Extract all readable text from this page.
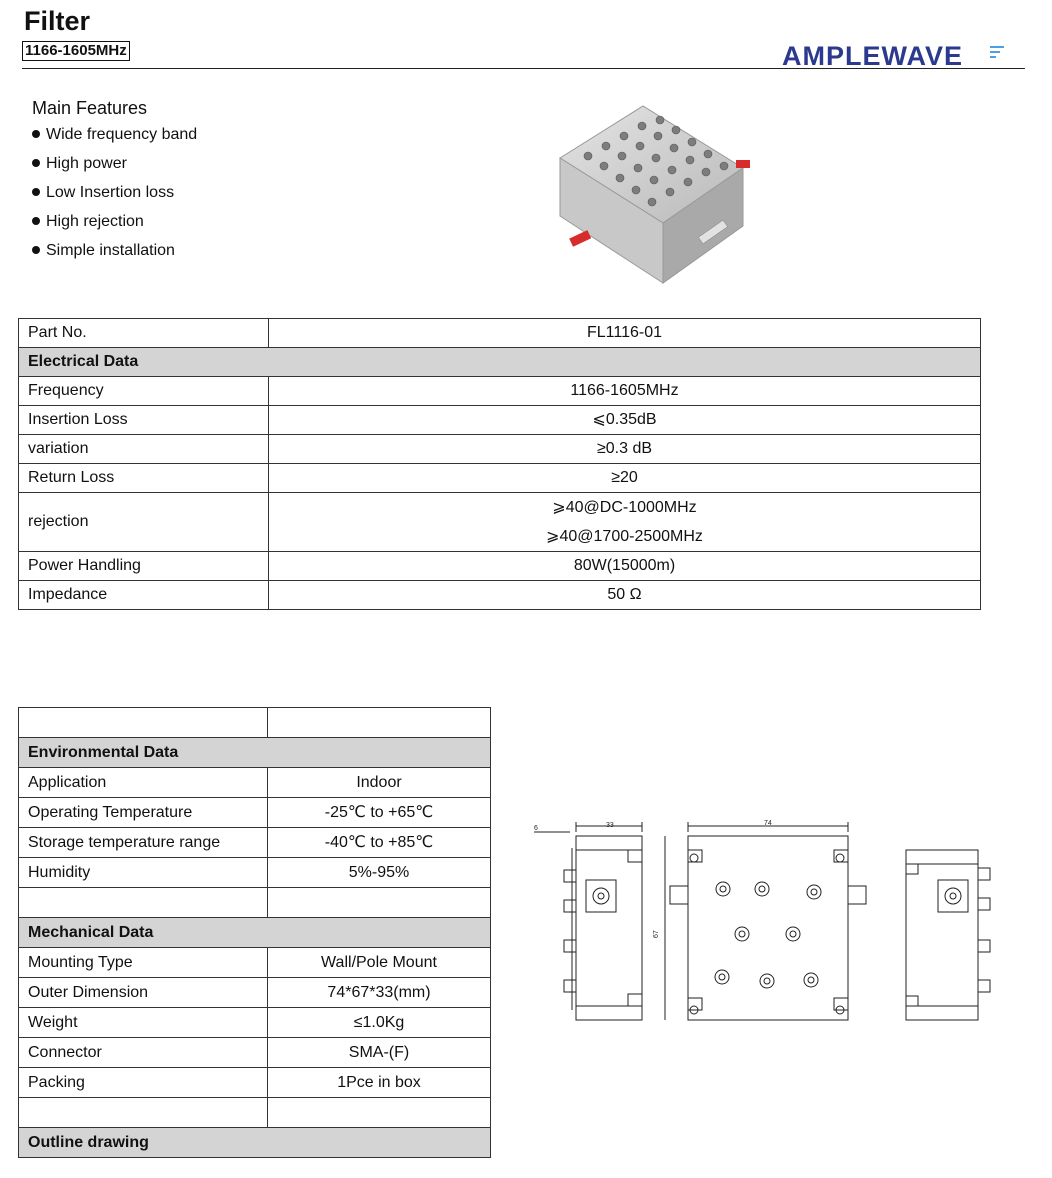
Filter
1166-1605MHz	AMPLEWAVE
Main Features
Wide frequency band
High power
Low Insertion loss
High rejection
Simple installation
Part No.	FL1116-01
Electrical Data	
Frequency	1166-1605MHz
Insertion Loss	⩽0.35dB
variation	≥0.3 dB
Return Loss	≥20
rejection	⩾40@DC-1000MHz
⩾40@1700-2500MHz

Power Handling	80W(15000m)
Impedance	50 Ω

Environmental Data	
Application	Indoor
Operating Temperature	-25℃ to +65℃
Storage temperature range	-40℃ to +85℃
Humidity	5%-95%

Mechanical Data	
Mounting Type	Wall/Pole Mount
Outer Dimension	74*67*33(mm)
Weight	≤1.0Kg
Connector	SMA-(F)
Packing	1Pce in box

Outline drawing	
33
6
74
67
